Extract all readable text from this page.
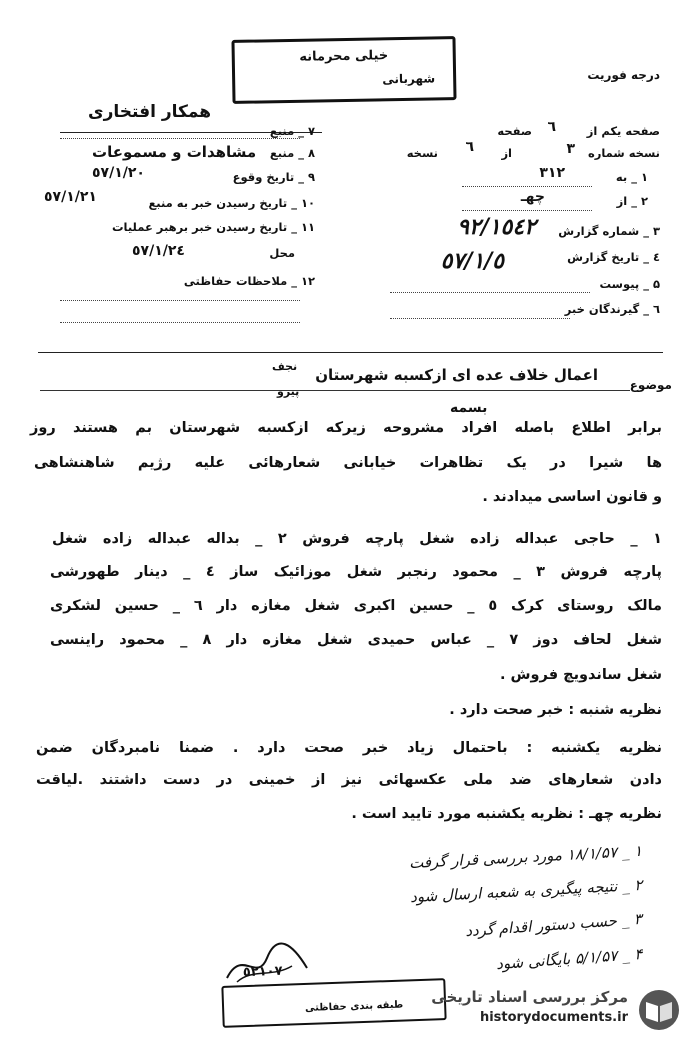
خیلی محرمانه
شهربانی	درجه فوریت
همکار افتخاری
صفحه یکم از
٦
صفحه
نسخه شماره
٣
از
٦
نسخه
۱ _ به
٣١٢
۲ _ از
چهـ
۳ _ شماره گزارش
٩٢/١٥٤٢
٤ _ تاریخ گزارش
٥٧/١/٥
۵ _ پیوست
٦ _ گیرندگان خبر
۷ _ منبع
۸ _ منبع
مشاهدات و مسموعات
۹ _ تاریخ وقوع
٥٧/١/٢٠
۱۰ _ تاریخ رسیدن خبر به منبع
٥٧/١/٢١
۱۱ _ تاریخ رسیدن خبر برهبر عملیات
محل
٥٧/١/٢٤
۱۲ _ ملاحظات حفاظتی
موضوع
اعمال خلاف عده ای ازکسبه شهرستان
نجف
پیرو
بسمه
برابر اطلاع باصله افراد مشروحه زیرکه ازکسبه شهرستان بم هستند روز
ها شیرا در یک تظاهرات خیابانی شعارهائی علیه رژیم شاهنشاهی
و قانون اساسی میدادند .
۱ _ حاجی عبداله زاده شغل پارچه فروش ۲ _ بداله عبداله زاده شغل
پارچه فروش ۳ _ محمود رنجبر شغل موزائیک ساز ٤ _ دینار طهورشی
مالک روستای کرک ٥ _ حسین اکبری شغل مغازه دار ٦ _ حسین لشکری
شغل لحاف دوز ۷ _ عباس حمیدی شغل مغازه دار ۸ _ محمود راینسی
شغل ساندویچ فروش .
نظریه شنبه : خبر صحت دارد .
نظریه یکشنبه : باحتمال زیاد خبر صحت دارد . ضمنا نامبردگان ضمن
دادن شعارهای ضد ملی عکسهائی نیز از خمینی در دست داشتند .لیاقت
نظریه چهـ : نظریه یکشنبه مورد تایید است .
۱ _ ۱۸/۱/۵۷ مورد بررسی قرار گرفت
۲ _ نتیجه پیگیری به شعبه ارسال شود
۳ _ حسب دستور اقدام گردد
۴ _ ۵/۱/۵۷ بایگانی شود
٥٢١٠٧
طبقه بندی حفاظتی
مرکز بررسی اسناد تاریخی
historydocuments.ir
